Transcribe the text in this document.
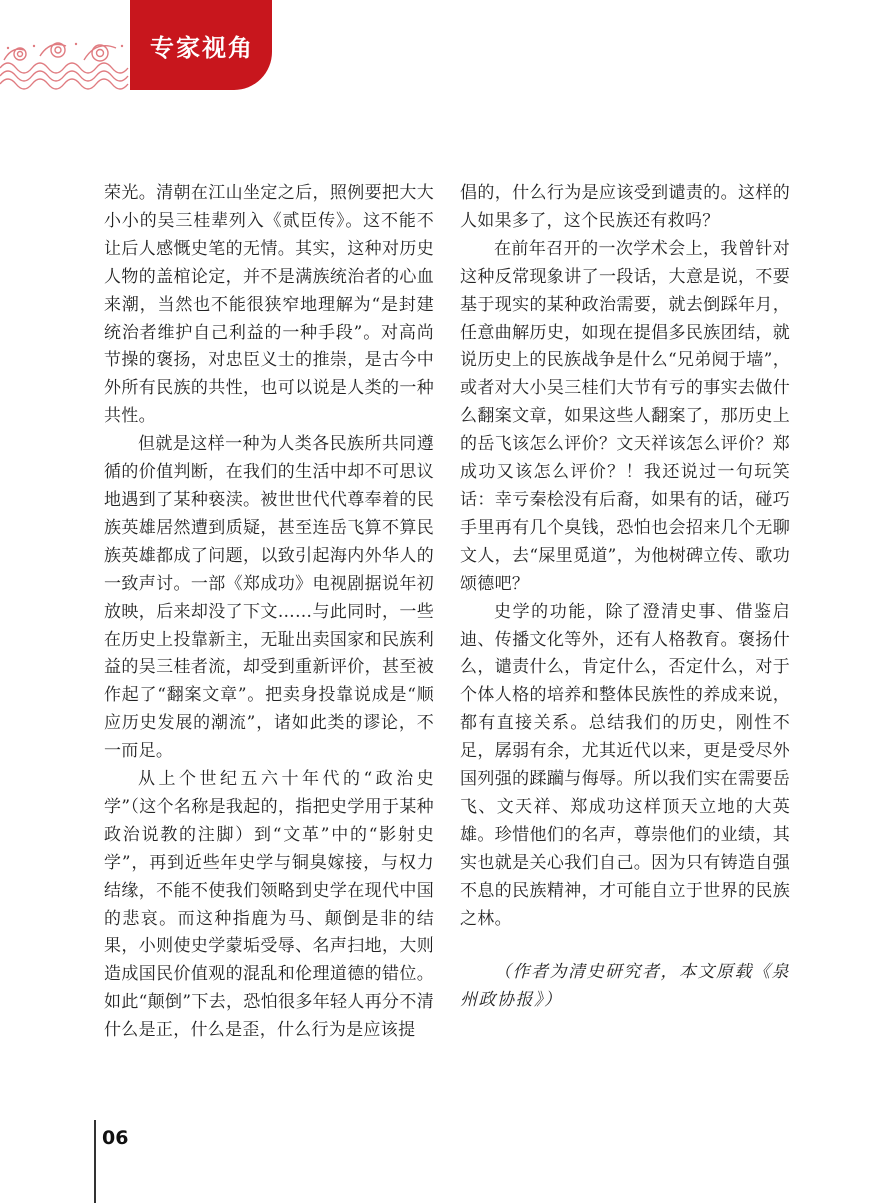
专家视角

荣光。清朝在江山坐定之后，照例要把大大小小的吴三桂辈列入《贰臣传》。这不能不让后人感慨史笔的无情。其实，这种对历史人物的盖棺论定，并不是满族统治者的心血来潮，当然也不能很狭窄地理解为“是封建统治者维护自己利益的一种手段”。对高尚节操的褒扬，对忠臣义士的推崇，是古今中外所有民族的共性，也可以说是人类的一种共性。

但就是这样一种为人类各民族所共同遵循的价值判断，在我们的生活中却不可思议地遇到了某种亵渎。被世世代代尊奉着的民族英雄居然遭到质疑，甚至连岳飞算不算民族英雄都成了问题，以致引起海内外华人的一致声讨。一部《郑成功》电视剧据说年初放映，后来却没了下文……与此同时，一些在历史上投靠新主，无耻出卖国家和民族利益的吴三桂者流，却受到重新评价，甚至被作起了“翻案文章”。把卖身投靠说成是“顺应历史发展的潮流”，诸如此类的谬论，不一而足。

从上个世纪五六十年代的“政治史学”（这个名称是我起的，指把史学用于某种政治说教的注脚）到“文革”中的“影射史学”，再到近些年史学与铜臭嫁接，与权力结缘，不能不使我们领略到史学在现代中国的悲哀。而这种指鹿为马、颠倒是非的结果，小则使史学蒙垢受辱、名声扫地，大则造成国民价值观的混乱和伦理道德的错位。如此“颠倒”下去，恐怕很多年轻人再分不清什么是正，什么是歪，什么行为是应该提

倡的，什么行为是应该受到谴责的。这样的人如果多了，这个民族还有救吗？

在前年召开的一次学术会上，我曾针对这种反常现象讲了一段话，大意是说，不要基于现实的某种政治需要，就去倒踩年月，任意曲解历史，如现在提倡多民族团结，就说历史上的民族战争是什么“兄弟阋于墙”，或者对大小吴三桂们大节有亏的事实去做什么翻案文章，如果这些人翻案了，那历史上的岳飞该怎么评价？文天祥该怎么评价？郑成功又该怎么评价？！我还说过一句玩笑话：幸亏秦桧没有后裔，如果有的话，碰巧手里再有几个臭钱，恐怕也会招来几个无聊文人，去“屎里觅道”，为他树碑立传、歌功颂德吧？

史学的功能，除了澄清史事、借鉴启迪、传播文化等外，还有人格教育。褒扬什么，谴责什么，肯定什么，否定什么，对于个体人格的培养和整体民族性的养成来说，都有直接关系。总结我们的历史，刚性不足，孱弱有余，尤其近代以来，更是受尽外国列强的蹂躏与侮辱。所以我们实在需要岳飞、文天祥、郑成功这样顶天立地的大英雄。珍惜他们的名声，尊崇他们的业绩，其实也就是关心我们自己。因为只有铸造自强不息的民族精神，才可能自立于世界的民族之林。

（作者为清史研究者，本文原载《泉州政协报》）

06
